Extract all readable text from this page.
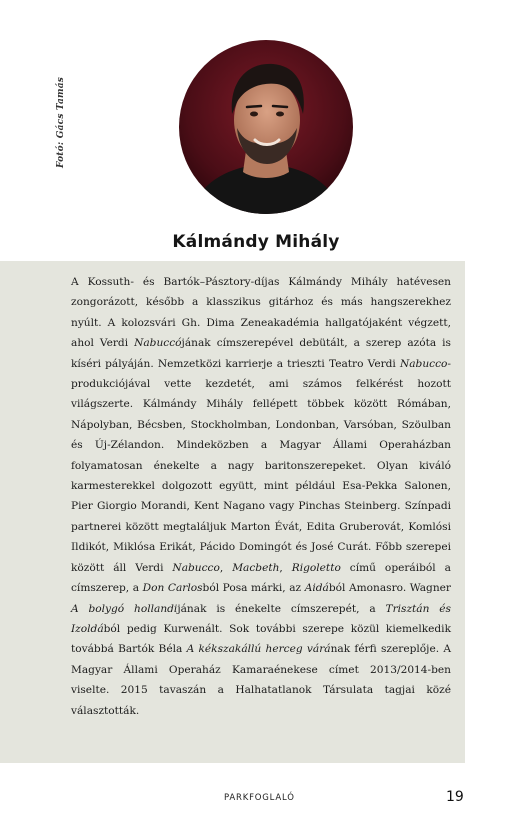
Fotó: Gács Tamás
Kálmándy Mihály

A Kossuth- és Bartók–Pásztory-díjas Kálmándy Mihály hatévesen zongorázott, később a klasszikus gitárhoz és más hangszerekhez nyúlt. A kolozsvári Gh. Dima Zeneakadémia hallgatójaként végzett, ahol Verdi Nabuccójának címszerepével debütált, a szerep azóta is kíséri pályáján. Nemzetközi karrierje a trieszti Teatro Verdi Nabucco-produkciójával vette kezdetét, ami számos felkérést hozott világszerte. Kálmándy Mihály fellépett többek között Rómában, Nápolyban, Bécsben, Stockholmban, Londonban, Varsóban, Szöulban és Új-Zélandon. Mindeközben a Magyar Állami Operaházban folyamatosan énekelte a nagy baritonszerepeket. Olyan kiváló karmesterekkel dolgozott együtt, mint például Esa-Pekka Salonen, Pier Giorgio Morandi, Kent Nagano vagy Pinchas Steinberg. Színpadi partnerei között megtaláljuk Marton Évát, Edita Gruberovát, Komlósi Ildikót, Miklósa Erikát, Pácido Domingót és José Curát. Főbb szerepei között áll Verdi Nabucco, Macbeth, Rigoletto című operáiból a címszerep, a Don Carlosból Posa márki, az Aidából Amonasro. Wagner A bolygó hollandijának is énekelte címszerepét, a Trisztán és Izoldából pedig Kurwenált. Sok további szerepe közül kiemelkedik továbbá Bartók Béla A kékszakállú herceg várának férfi szereplője. A Magyar Állami Operaház Kamaraénekese címet 2013/2014-ben viselte. 2015 tavaszán a Halhatatlanok Társulata tagjai közé választották.

PARKFOGLALÓ	19
